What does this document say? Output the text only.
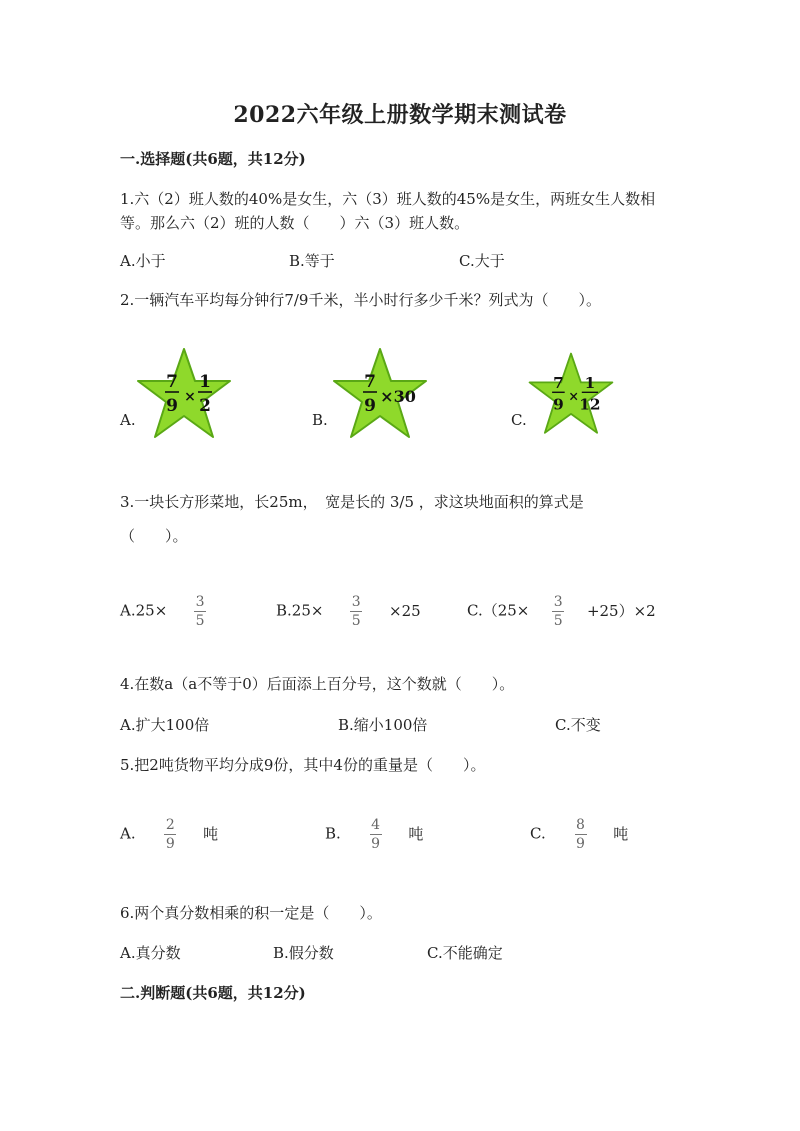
2022六年级上册数学期末测试卷
一.选择题(共6题，共12分)
1.六（2）班人数的40%是女生，六（3）班人数的45%是女生，两班女生人数相
等。那么六（2）班的人数（　　）六（3）班人数。
A.小于	B.等于	C.大于
2.一辆汽车平均每分钟行7/9千米，半小时行多少千米？列式为（　　）。
A.	B.	C.
7
9 ×
1
2
7
9 ×30
7
9 ×
1
12
3.一块长方形菜地，长25m，　宽是长的 3/5 ，求这块地面积的算式是
（　　）。
$A.25\times \frac{3}{5}$	$B.25\times \frac{3}{5} \times 25$	$C.(25\times \frac{3}{5} +25)\times 2$
4.在数a（a不等于0）后面添上百分号，这个数就（　　）。
A.扩大100倍	B.缩小100倍	C.不变
5.把2吨货物平均分成9份，其中4份的重量是（　　）。
A. $\frac{2}{9}$ 吨	B. $\frac{4}{9}$ 吨	C. $\frac{8}{9}$ 吨
6.两个真分数相乘的积一定是（　　）。
A.真分数	B.假分数	C.不能确定
二.判断题(共6题，共12分)
